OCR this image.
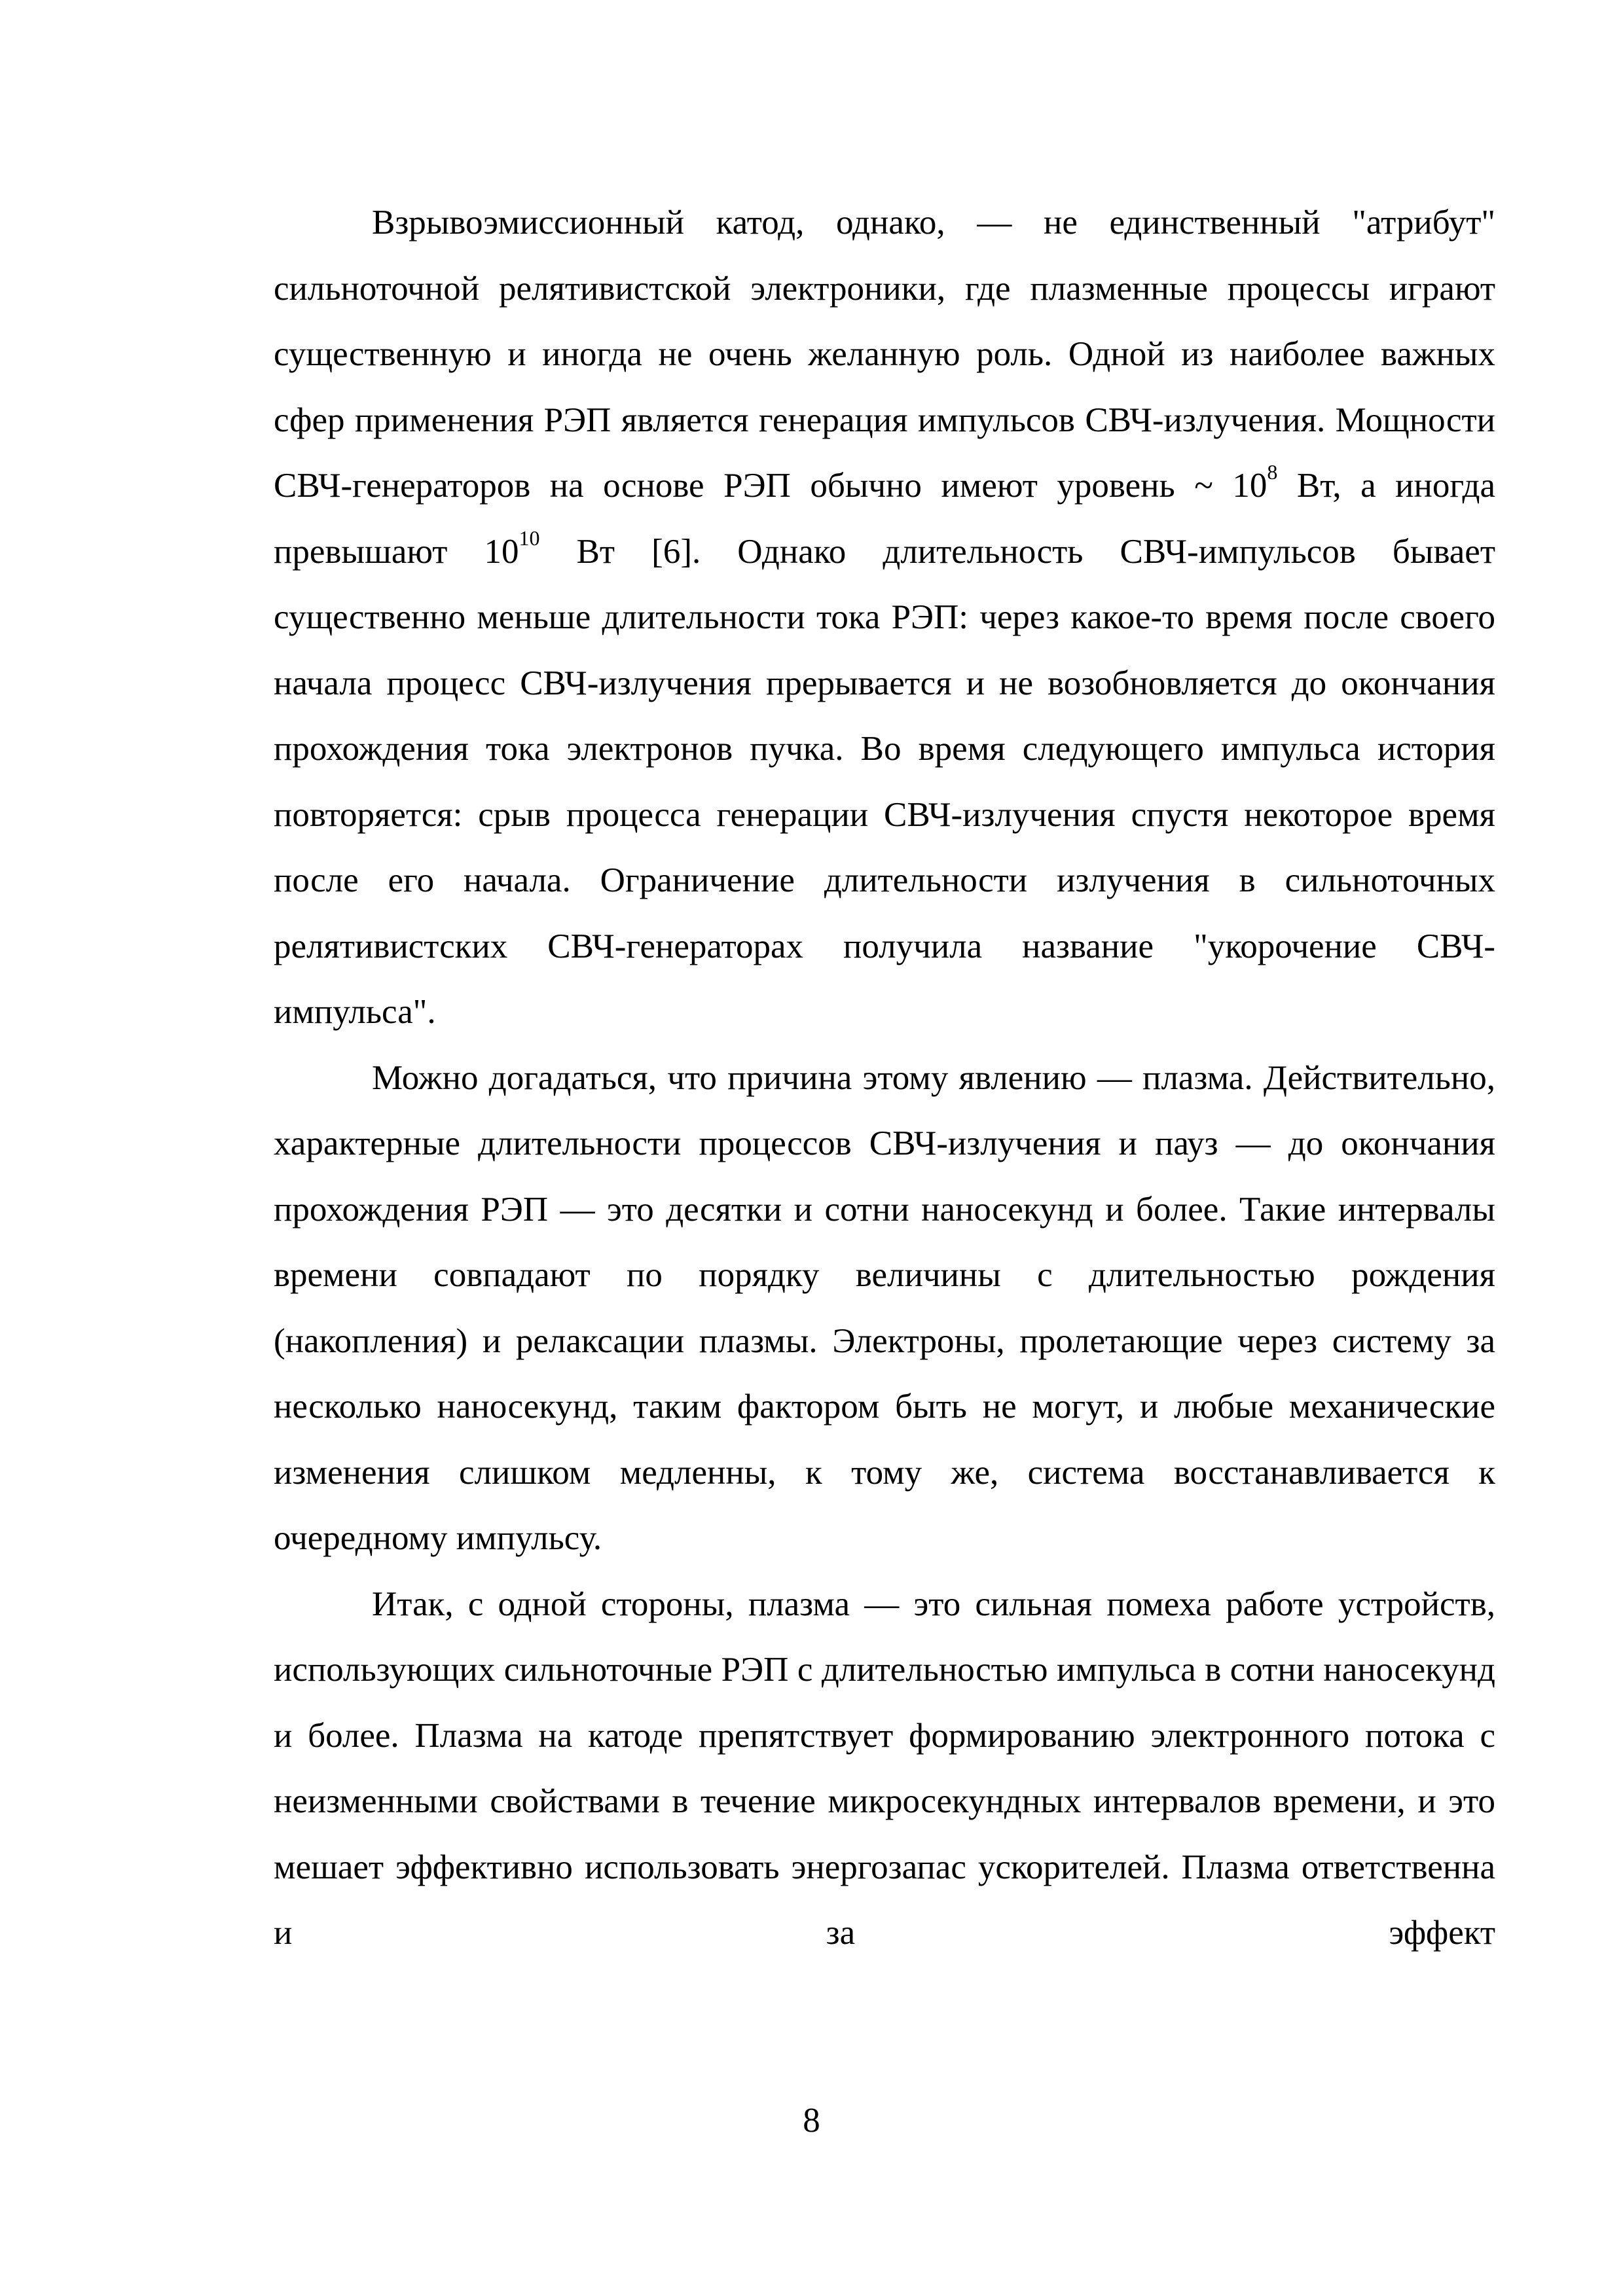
Взрывоэмиссионный катод, однако, — не единственный "атрибут" сильноточной релятивистской электроники, где плазменные процессы играют существенную и иногда не очень желанную роль. Одной из наиболее важных сфер применения РЭП является генерация импульсов СВЧ-излучения. Мощности СВЧ-генераторов на основе РЭП обычно имеют уровень ~ $10^8$ Вт, а иногда превышают $10^{10}$ Вт [6]. Однако длительность СВЧ-импульсов бывает существенно меньше длительности тока РЭП: через какое-то время после своего начала процесс СВЧ-излучения прерывается и не возобновляется до окончания прохождения тока электронов пучка. Во время следующего импульса история повторяется: срыв процесса генерации СВЧ-излучения спустя некоторое время после его начала. Ограничение длительности излучения в сильноточных релятивистских СВЧ-генераторах получила название "укорочение СВЧ-импульса".

Можно догадаться, что причина этому явлению — плазма. Действительно, характерные длительности процессов СВЧ-излучения и пауз — до окончания прохождения РЭП — это десятки и сотни наносекунд и более. Такие интервалы времени совпадают по порядку величины с длительностью рождения (накопления) и релаксации плазмы. Электроны, пролетающие через систему за несколько наносекунд, таким фактором быть не могут, и любые механические изменения слишком медленны, к тому же, система восстанавливается к очередному импульсу.

Итак, с одной стороны, плазма — это сильная помеха работе устройств, использующих сильноточные РЭП с длительностью импульса в сотни наносекунд и более. Плазма на катоде препятствует формированию электронного потока с неизменными свойствами в течение микросекундных интервалов времени, и это мешает эффективно использовать энергозапас ускорителей. Плазма ответственна и за эффект

8
